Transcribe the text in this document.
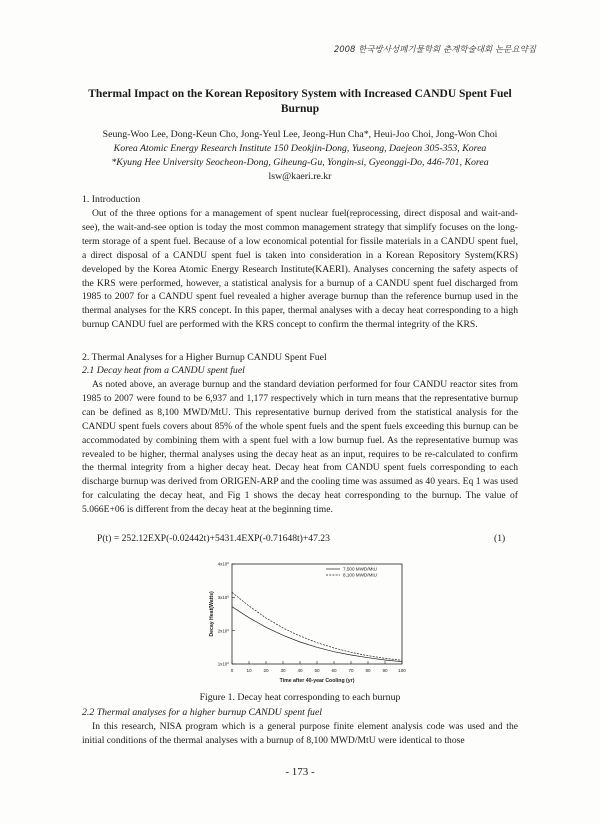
2008 한국방사성폐기물학회 춘계학술대회 논문요약집
Thermal Impact on the Korean Repository System with Increased CANDU Spent Fuel
Burnup
Seung-Woo Lee, Dong-Keun Cho, Jong-Yeul Lee, Jeong-Hun Cha*, Heui-Joo Choi, Jong-Won Choi
Korea Atomic Energy Research Institute 150 Deokjin-Dong, Yuseong, Daejeon 305-353, Korea
*Kyung Hee University Seocheon-Dong, Giheung-Gu, Yongin-si, Gyeonggi-Do, 446-701, Korea
lsw@kaeri.re.kr
1. Introduction
Out of the three options for a management of spent nuclear fuel(reprocessing, direct disposal and wait-and-see), the wait-and-see option is today the most common management strategy that simplify focuses on the long-term storage of a spent fuel. Because of a low economical potential for fissile materials in a CANDU spent fuel, a direct disposal of a CANDU spent fuel is taken into consideration in a Korean Repository System(KRS) developed by the Korea Atomic Energy Research Institute(KAERI). Analyses concerning the safety aspects of the KRS were performed, however, a statistical analysis for a burnup of a CANDU spent fuel discharged from 1985 to 2007 for a CANDU spent fuel revealed a higher average burnup than the reference burnup used in the thermal analyses for the KRS concept. In this paper, thermal analyses with a decay heat corresponding to a high burnup CANDU fuel are performed with the KRS concept to confirm the thermal integrity of the KRS.
2. Thermal Analyses for a Higher Burnup CANDU Spent Fuel
2.1 Decay heat from a CANDU spent fuel
As noted above, an average burnup and the standard deviation performed for four CANDU reactor sites from 1985 to 2007 were found to be 6,937 and 1,177 respectively which in turn means that the representative burnup can be defined as 8,100 MWD/MtU. This representative burnup derived from the statistical analysis for the CANDU spent fuels covers about 85% of the whole spent fuels and the spent fuels exceeding this burnup can be accommodated by combining them with a spent fuel with a low burnup fuel. As the representative burnup was revealed to be higher, thermal analyses using the decay heat as an input, requires to be re-calculated to confirm the thermal integrity from a higher decay heat. Decay heat from CANDU spent fuels corresponding to each discharge burnup was derived from ORIGEN-ARP and the cooling time was assumed as 40 years. Eq 1 was used for calculating the decay heat, and Fig 1 shows the decay heat corresponding to the burnup. The value of 5.066E+06 is different from the decay heat at the beginning time.
P(t) = 252.12EXP(-0.02442t)+5431.4EXP(-0.71648t)+47.23	(1)
0	10	20	30	40	50	60	70	80	90 100
1x10⁰
2x10⁰
3x10⁰
4x10⁰
Time after 40-year Cooling (yr)
Decay Heat(Watts)
7,500 MWD/MtU
8,100 MWD/MtU
Figure 1. Decay heat corresponding to each burnup
2.2 Thermal analyses for a higher burnup CANDU spent fuel
In this research, NISA program which is a general purpose finite element analysis code was used and the initial conditions of the thermal analyses with a burnup of 8,100 MWD/MtU were identical to those
- 173 -
